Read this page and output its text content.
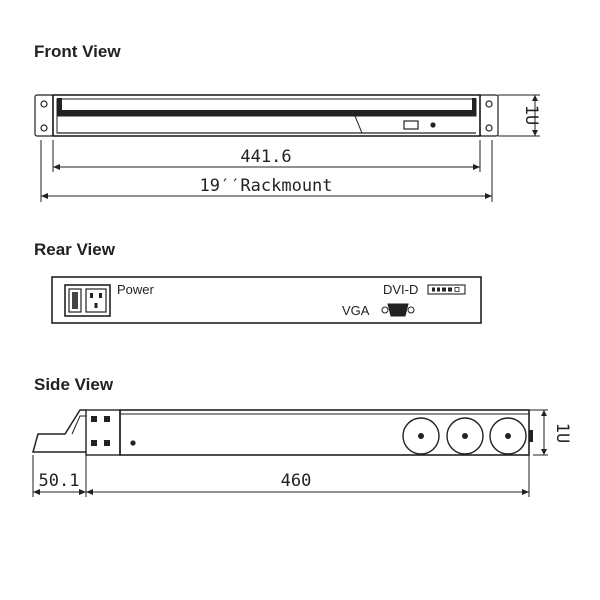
Front View
Rear View
Side View
441.6
19′′Rackmount
1U
Power	DVI-D
VGA
50.1	460
1U
